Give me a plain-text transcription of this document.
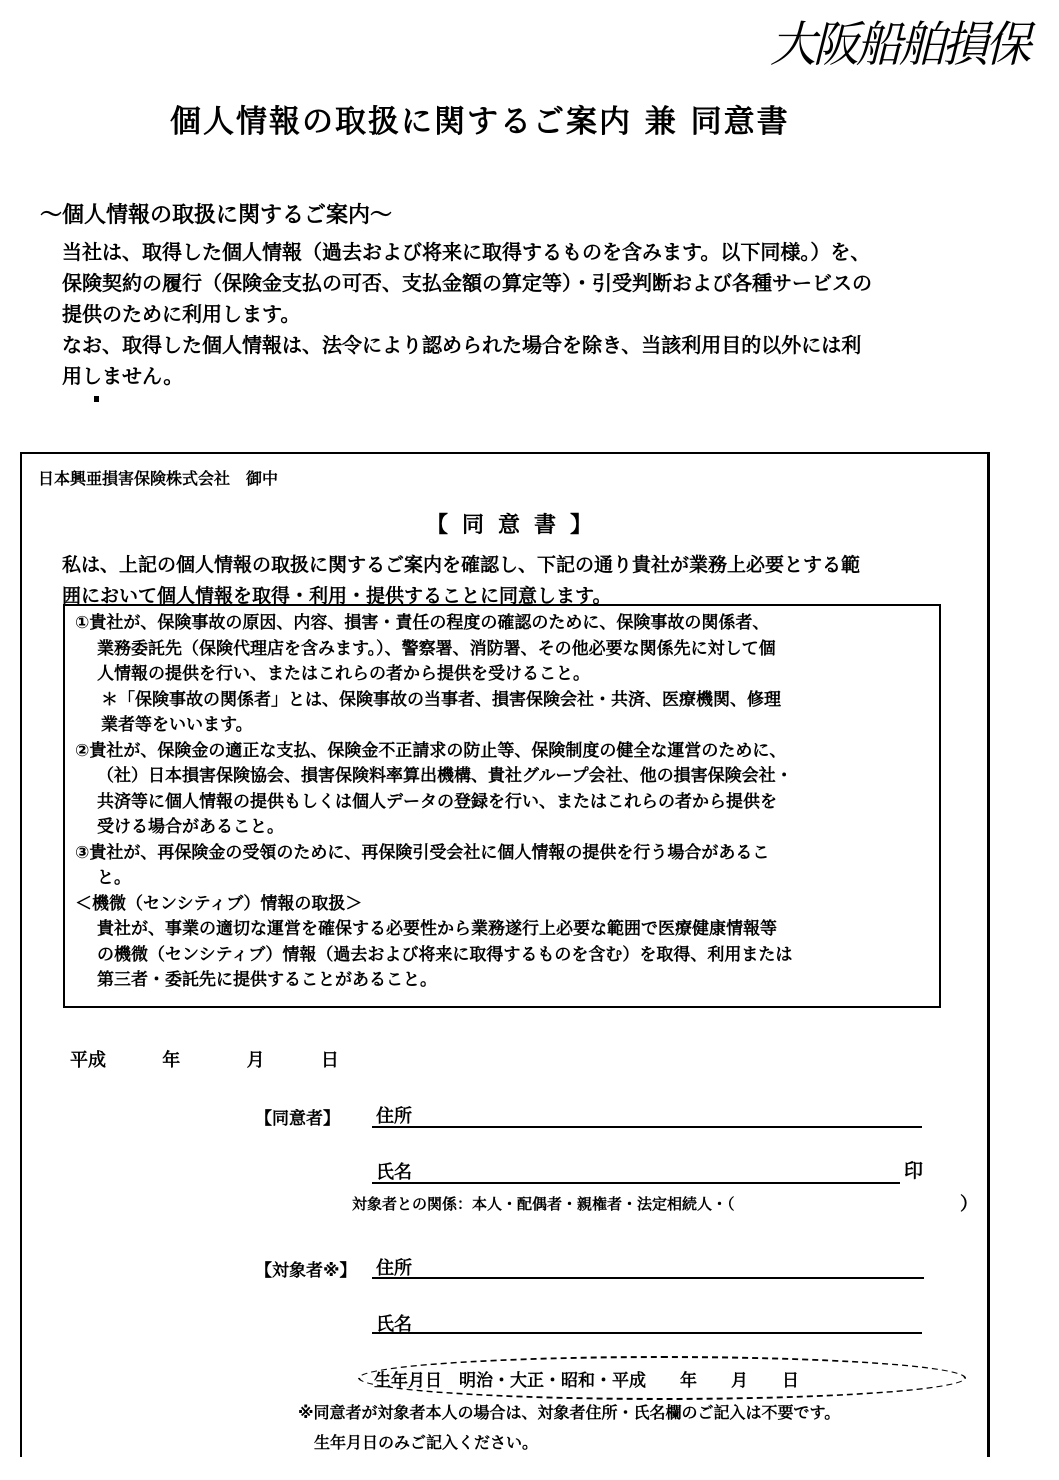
大阪船舶損保
個人情報の取扱に関するご案内 兼 同意書
〜個人情報の取扱に関するご案内〜

当社は、取得した個人情報（過去および将来に取得するものを含みます。以下同様。）を、

保険契約の履行（保険金支払の可否、支払金額の算定等）・引受判断および各種サービスの

提供のために利用します。

なお、取得した個人情報は、法令により認められた場合を除き、当該利用目的以外には利

用しません。

日本興亜損害保険株式会社　御中
【同意書】

私は、上記の個人情報の取扱に関するご案内を確認し、下記の通り貴社が業務上必要とする範

囲において個人情報を取得・利用・提供することに同意します。

①貴社が、保険事故の原因、内容、損害・責任の程度の確認のために、保険事故の関係者、

業務委託先（保険代理店を含みます。）、警察署、消防署、その他必要な関係先に対して個

人情報の提供を行い、またはこれらの者から提供を受けること。

＊「保険事故の関係者」とは、保険事故の当事者、損害保険会社・共済、医療機関、修理

業者等をいいます。

②貴社が、保険金の適正な支払、保険金不正請求の防止等、保険制度の健全な運営のために、

（社）日本損害保険協会、損害保険料率算出機構、貴社グループ会社、他の損害保険会社・

共済等に個人情報の提供もしくは個人データの登録を行い、またはこれらの者から提供を

受ける場合があること。

③貴社が、再保険金の受領のために、再保険引受会社に個人情報の提供を行う場合があるこ

と。

＜機微（センシティブ）情報の取扱＞

貴社が、事業の適切な運営を確保する必要性から業務遂行上必要な範囲で医療健康情報等

の機微（センシティブ）情報（過去および将来に取得するものを含む）を取得、利用または

第三者・委託先に提供することがあること。

平成	年	月	日
【同意者】 住所
氏名	印
対象者との関係：本人・配偶者・親権者・法定相続人・（	）
【対象者※】 住所
氏名
生年月日　明治・大正・昭和・平成　　年　　月　　日

※同意者が対象者本人の場合は、対象者住所・氏名欄のご記入は不要です。

生年月日のみご記入ください。
